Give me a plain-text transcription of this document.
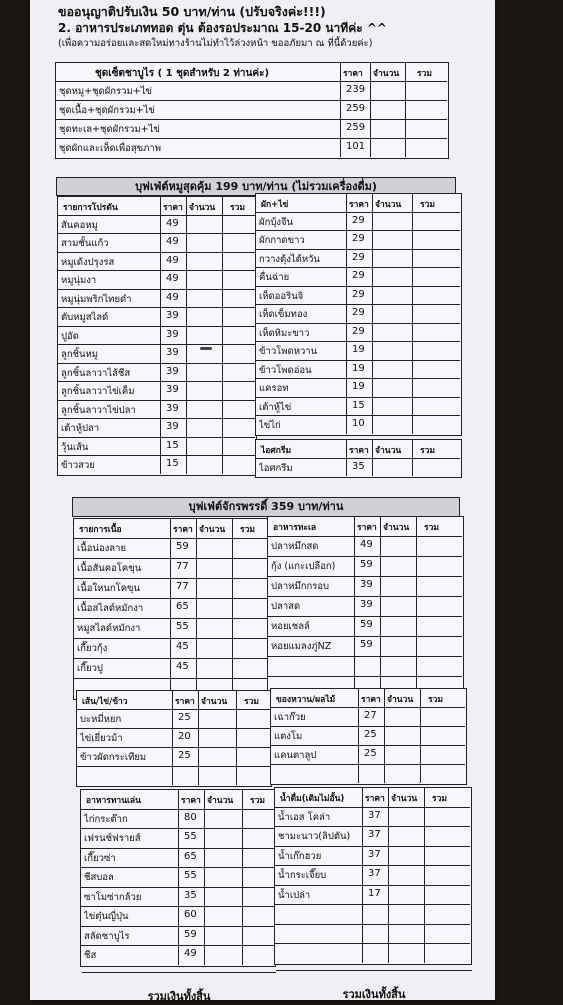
ขออนุญาติปรับเงิน 50 บาท/ท่าน (ปรับจริงค่ะ!!!)
2. อาหารประเภททอด ตุ่น ต้องรอประมาณ 15-20 นาทีค่ะ ^^
(เพื่อความอร่อยและสดใหม่ทางร้านไม่ทำไว้ล่วงหน้า ขออภัยมา ณ ที่นี้ด้วยค่ะ)
ชุดเซ็ตชาบูไร ( 1 ชุดสำหรับ 2 ท่านค่ะ)	ราคา จำนวน รวม
ชุดหมู+ชุดผักรวม+ไข่	239
ชุดเนื้อ+ชุดผักรวม+ไข่	259
ชุดทะเล+ชุดผักรวม+ไข่	259
ชุดผักและเห็ดเพื่อสุขภาพ	101
บุฟเฟ่ต์หมูสุดคุ้ม 199 บาท/ท่าน (ไม่รวมเครื่องดื่ม)
รายการโปรดัน	ราคา จำนวน รวม
สันคอหมู	49
สามชั้นแก้ว	49
หมูเด้งปรุงรส	49
หมูนุ่มงา	49
หมูนุ่มพริกไทยดำ	49
ตับหมูสไลด์	39
ปูอัด	39
ลูกชิ้นหมู	39
ลูกชิ้นลาวาไส้ชีส	39
ลูกชิ้นลาวาไข่เค็ม	39
ลูกชิ้นลาวาไข่ปลา	39
เต้าหู้ปลา	39
วุ้นเส้น	15
ข้าวสวย	15
ผัก+ไข่	ราคา จำนวน รวม
ผักบุ้งจีน	29
ผักกาดขาว	29
กวางตุ้งไต้หวัน	29
คื่นฉ่าย	29
เห็ดออรินจิ	29
เห็ดเข็มทอง	29
เห็ดหิมะขาว	29
ข้าวโพดหวาน	19
ข้าวโพดอ่อน	19
แครอท	19
เต้าหู้ไข่	15
ไข่ไก่	10
ไอศกรีม	ราคา จำนวน รวม
ไอศกรีม	35
บุฟเฟ่ต์จักรพรรดิ์ 359 บาท/ท่าน
รายการเนื้อ	ราคา จำนวน รวม
เนื้อน่องลาย	59
เนื้อสันคอโคขุน	77
เนื้อใหนกโคขุน	77
เนื้อสไลด์หมักงา	65
หมูสไลด์หมักงา	55
เกี๊ยวกุ้ง	45
เกี๊ยวปู	45
อาหารทะเล	ราคา จำนวน รวม
ปลาหมึกสด	49
กุ้ง (แกะเปลือก)	59
ปลาหมึกกรอบ	39
ปลาสด	39
หอยเชลล์	59
หอยแมลงภู่NZ	59
เส้น/ไข่/ข้าว	ราคา จำนวน รวม
บะหมี่หยก	25
ไข่เยี่ยวม้า	20
ข้าวผัดกระเทียม	25
ของหวาน/ผลไม้	ราคา จำนวน รวม
เฉาก๊วย	27
แตงโม	25
แคนตาลูป	25
อาหารทานเล่น	ราคา จำนวน รวม
ไก่กระต๊าก	80
เฟรนช์ฟรายส์	55
เกี๊ยวซ่า	65
ชีสบอล	55
ซาโมซ่ากล้วย	35
ไข่ตุ๋นญี่ปุ่น	60
สลัดชาบูไร	59
ชีส	49
น้ำดื่ม(เติมไม่อั้น)	ราคา จำนวน รวม
น้ำเอส โคล่า	37
ชามะนาว(ลิปตัน)	37
น้ำเก๊กฮวย	37
น้ำกระเจี๊ยบ	37
น้ำเปล่า	17
รวมเงินทั้งสิ้น	รวมเงินทั้งสิ้น
